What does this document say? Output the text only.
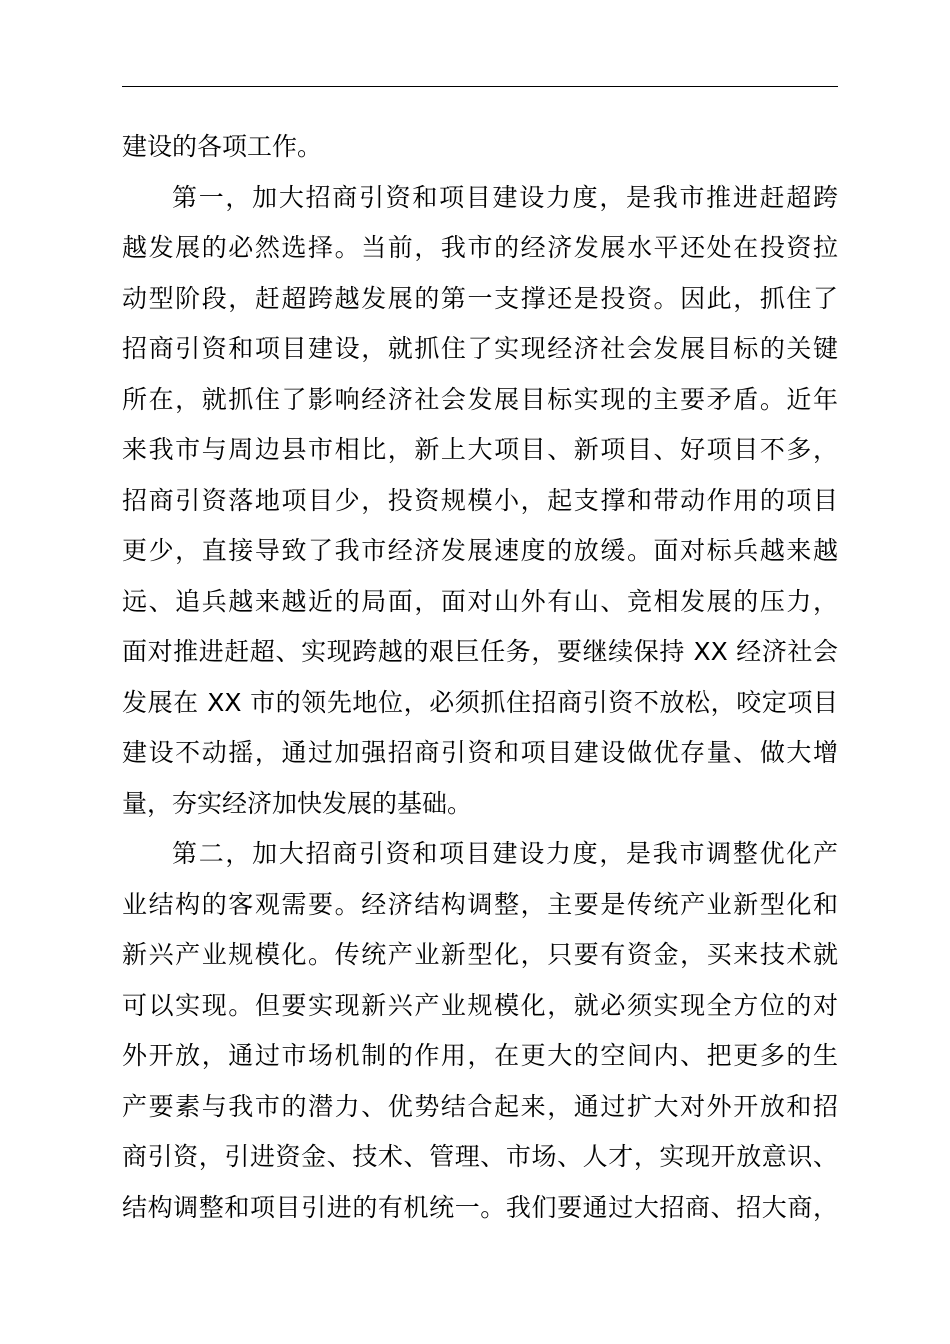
建设的各项工作。
第一，加大招商引资和项目建设力度，是我市推进赶超跨
越发展的必然选择。当前，我市的经济发展水平还处在投资拉
动型阶段，赶超跨越发展的第一支撑还是投资。因此，抓住了
招商引资和项目建设，就抓住了实现经济社会发展目标的关键
所在，就抓住了影响经济社会发展目标实现的主要矛盾。近年
来我市与周边县市相比，新上大项目、新项目、好项目不多，
招商引资落地项目少，投资规模小，起支撑和带动作用的项目
更少，直接导致了我市经济发展速度的放缓。面对标兵越来越
远、追兵越来越近的局面，面对山外有山、竞相发展的压力，
面对推进赶超、实现跨越的艰巨任务，要继续保持 XX 经济社会
发展在 XX 市的领先地位，必须抓住招商引资不放松，咬定项目
建设不动摇，通过加强招商引资和项目建设做优存量、做大增
量，夯实经济加快发展的基础。
第二，加大招商引资和项目建设力度，是我市调整优化产
业结构的客观需要。经济结构调整，主要是传统产业新型化和
新兴产业规模化。传统产业新型化，只要有资金，买来技术就
可以实现。但要实现新兴产业规模化，就必须实现全方位的对
外开放，通过市场机制的作用，在更大的空间内、把更多的生
产要素与我市的潜力、优势结合起来，通过扩大对外开放和招
商引资，引进资金、技术、管理、市场、人才，实现开放意识、
结构调整和项目引进的有机统一。我们要通过大招商、招大商，
